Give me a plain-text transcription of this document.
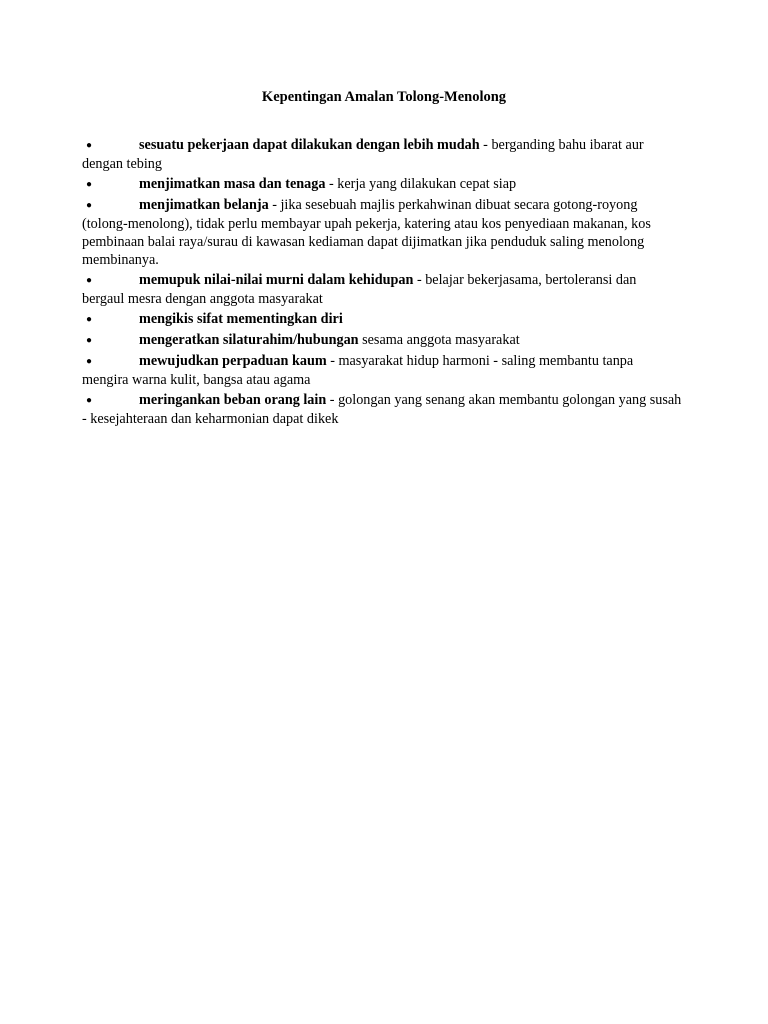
Kepentingan Amalan Tolong-Menolong
●	sesuatu pekerjaan dapat dilakukan dengan lebih mudah - berganding bahu ibarat aur dengan tebing
●	menjimatkan masa dan tenaga - kerja yang dilakukan cepat siap
●	menjimatkan belanja - jika sesebuah majlis perkahwinan dibuat secara gotong-royong (tolong-menolong), tidak perlu membayar upah pekerja, katering atau kos penyediaan makanan, kos pembinaan balai raya/surau di kawasan kediaman dapat dijimatkan jika penduduk saling menolong membinanya.
●	memupuk nilai-nilai murni dalam kehidupan - belajar bekerjasama, bertoleransi dan bergaul mesra dengan anggota masyarakat
●	mengikis sifat mementingkan diri
●	mengeratkan silaturahim/hubungan sesama anggota masyarakat
●	mewujudkan perpaduan kaum - masyarakat hidup harmoni - saling membantu tanpa mengira warna kulit, bangsa atau agama
●	meringankan beban orang lain - golongan yang senang akan membantu golongan yang susah - kesejahteraan dan keharmonian dapat dikek
